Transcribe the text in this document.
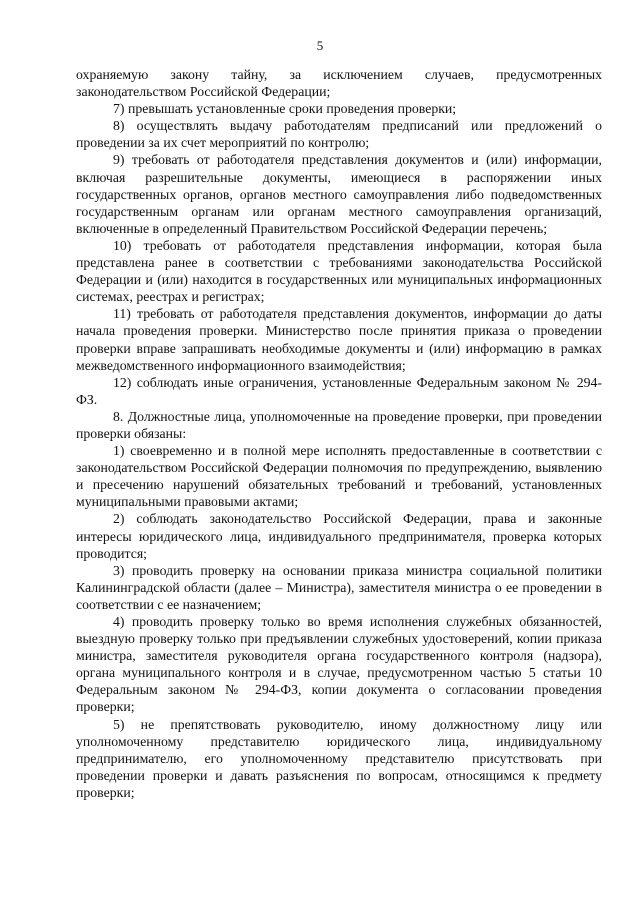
5

охраняемую закону тайну, за исключением случаев, предусмотренных законодательством Российской Федерации;

7) превышать установленные сроки проведения проверки;

8) осуществлять выдачу работодателям предписаний или предложений о проведении за их счет мероприятий по контролю;

9) требовать от работодателя представления документов и (или) информации, включая разрешительные документы, имеющиеся в распоряжении иных государственных органов, органов местного самоуправления либо подведомственных государственным органам или органам местного самоуправления организаций, включенные в определенный Правительством Российской Федерации перечень;

10) требовать от работодателя представления информации, которая была представлена ранее в соответствии с требованиями законодательства Российской Федерации и (или) находится в государственных или муниципальных информационных системах, реестрах и регистрах;

11) требовать от работодателя представления документов, информации до даты начала проведения проверки. Министерство после принятия приказа о проведении проверки вправе запрашивать необходимые документы и (или) информацию в рамках межведомственного информационного взаимодействия;

12) соблюдать иные ограничения, установленные Федеральным законом № 294-ФЗ.

8. Должностные лица, уполномоченные на проведение проверки, при проведении проверки обязаны:

1) своевременно и в полной мере исполнять предоставленные в соответствии с законодательством Российской Федерации полномочия по предупреждению, выявлению и пресечению нарушений обязательных требований и требований, установленных муниципальными правовыми актами;

2) соблюдать законодательство Российской Федерации, права и законные интересы юридического лица, индивидуального предпринимателя, проверка которых проводится;

3) проводить проверку на основании приказа министра социальной политики Калининградской области (далее – Министра), заместителя министра о ее проведении в соответствии с ее назначением;

4) проводить проверку только во время исполнения служебных обязанностей, выездную проверку только при предъявлении служебных удостоверений, копии приказа министра, заместителя руководителя органа государственного контроля (надзора), органа муниципального контроля и в случае, предусмотренном частью 5 статьи 10 Федеральным законом № 294-ФЗ, копии документа о согласовании проведения проверки;

5) не препятствовать руководителю, иному должностному лицу или уполномоченному представителю юридического лица, индивидуальному предпринимателю, его уполномоченному представителю присутствовать при проведении проверки и давать разъяснения по вопросам, относящимся к предмету проверки;
